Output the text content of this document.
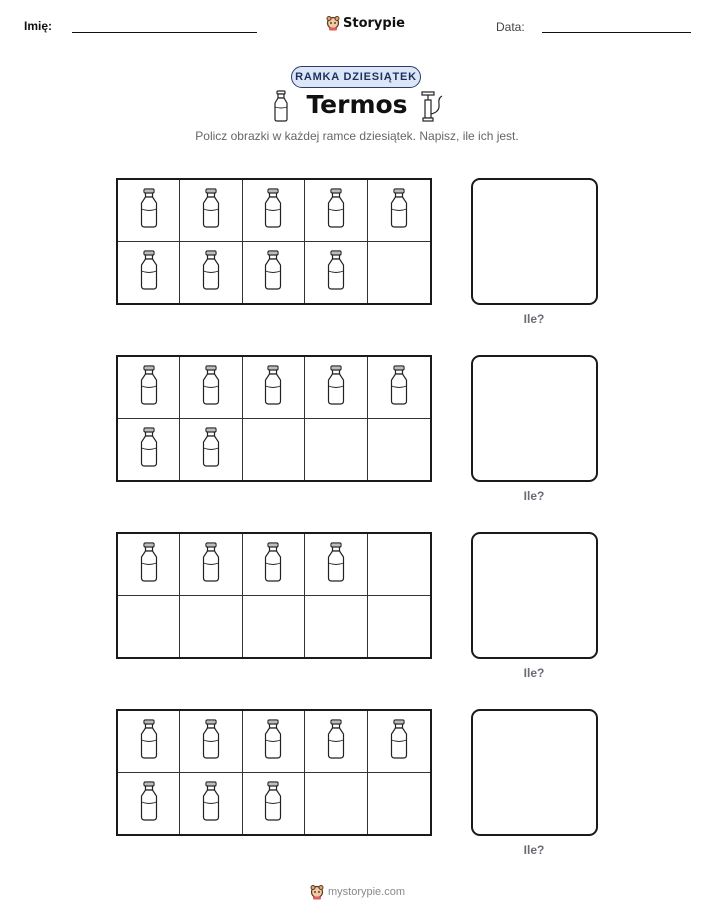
Imię:	Storypie	Data:
RAMKA DZIESIĄTEK
Termos
Policz obrazki w każdej ramce dziesiątek. Napisz, ile ich jest.
Ile?
Ile?
Ile?
Ile?
mystorypie.com
